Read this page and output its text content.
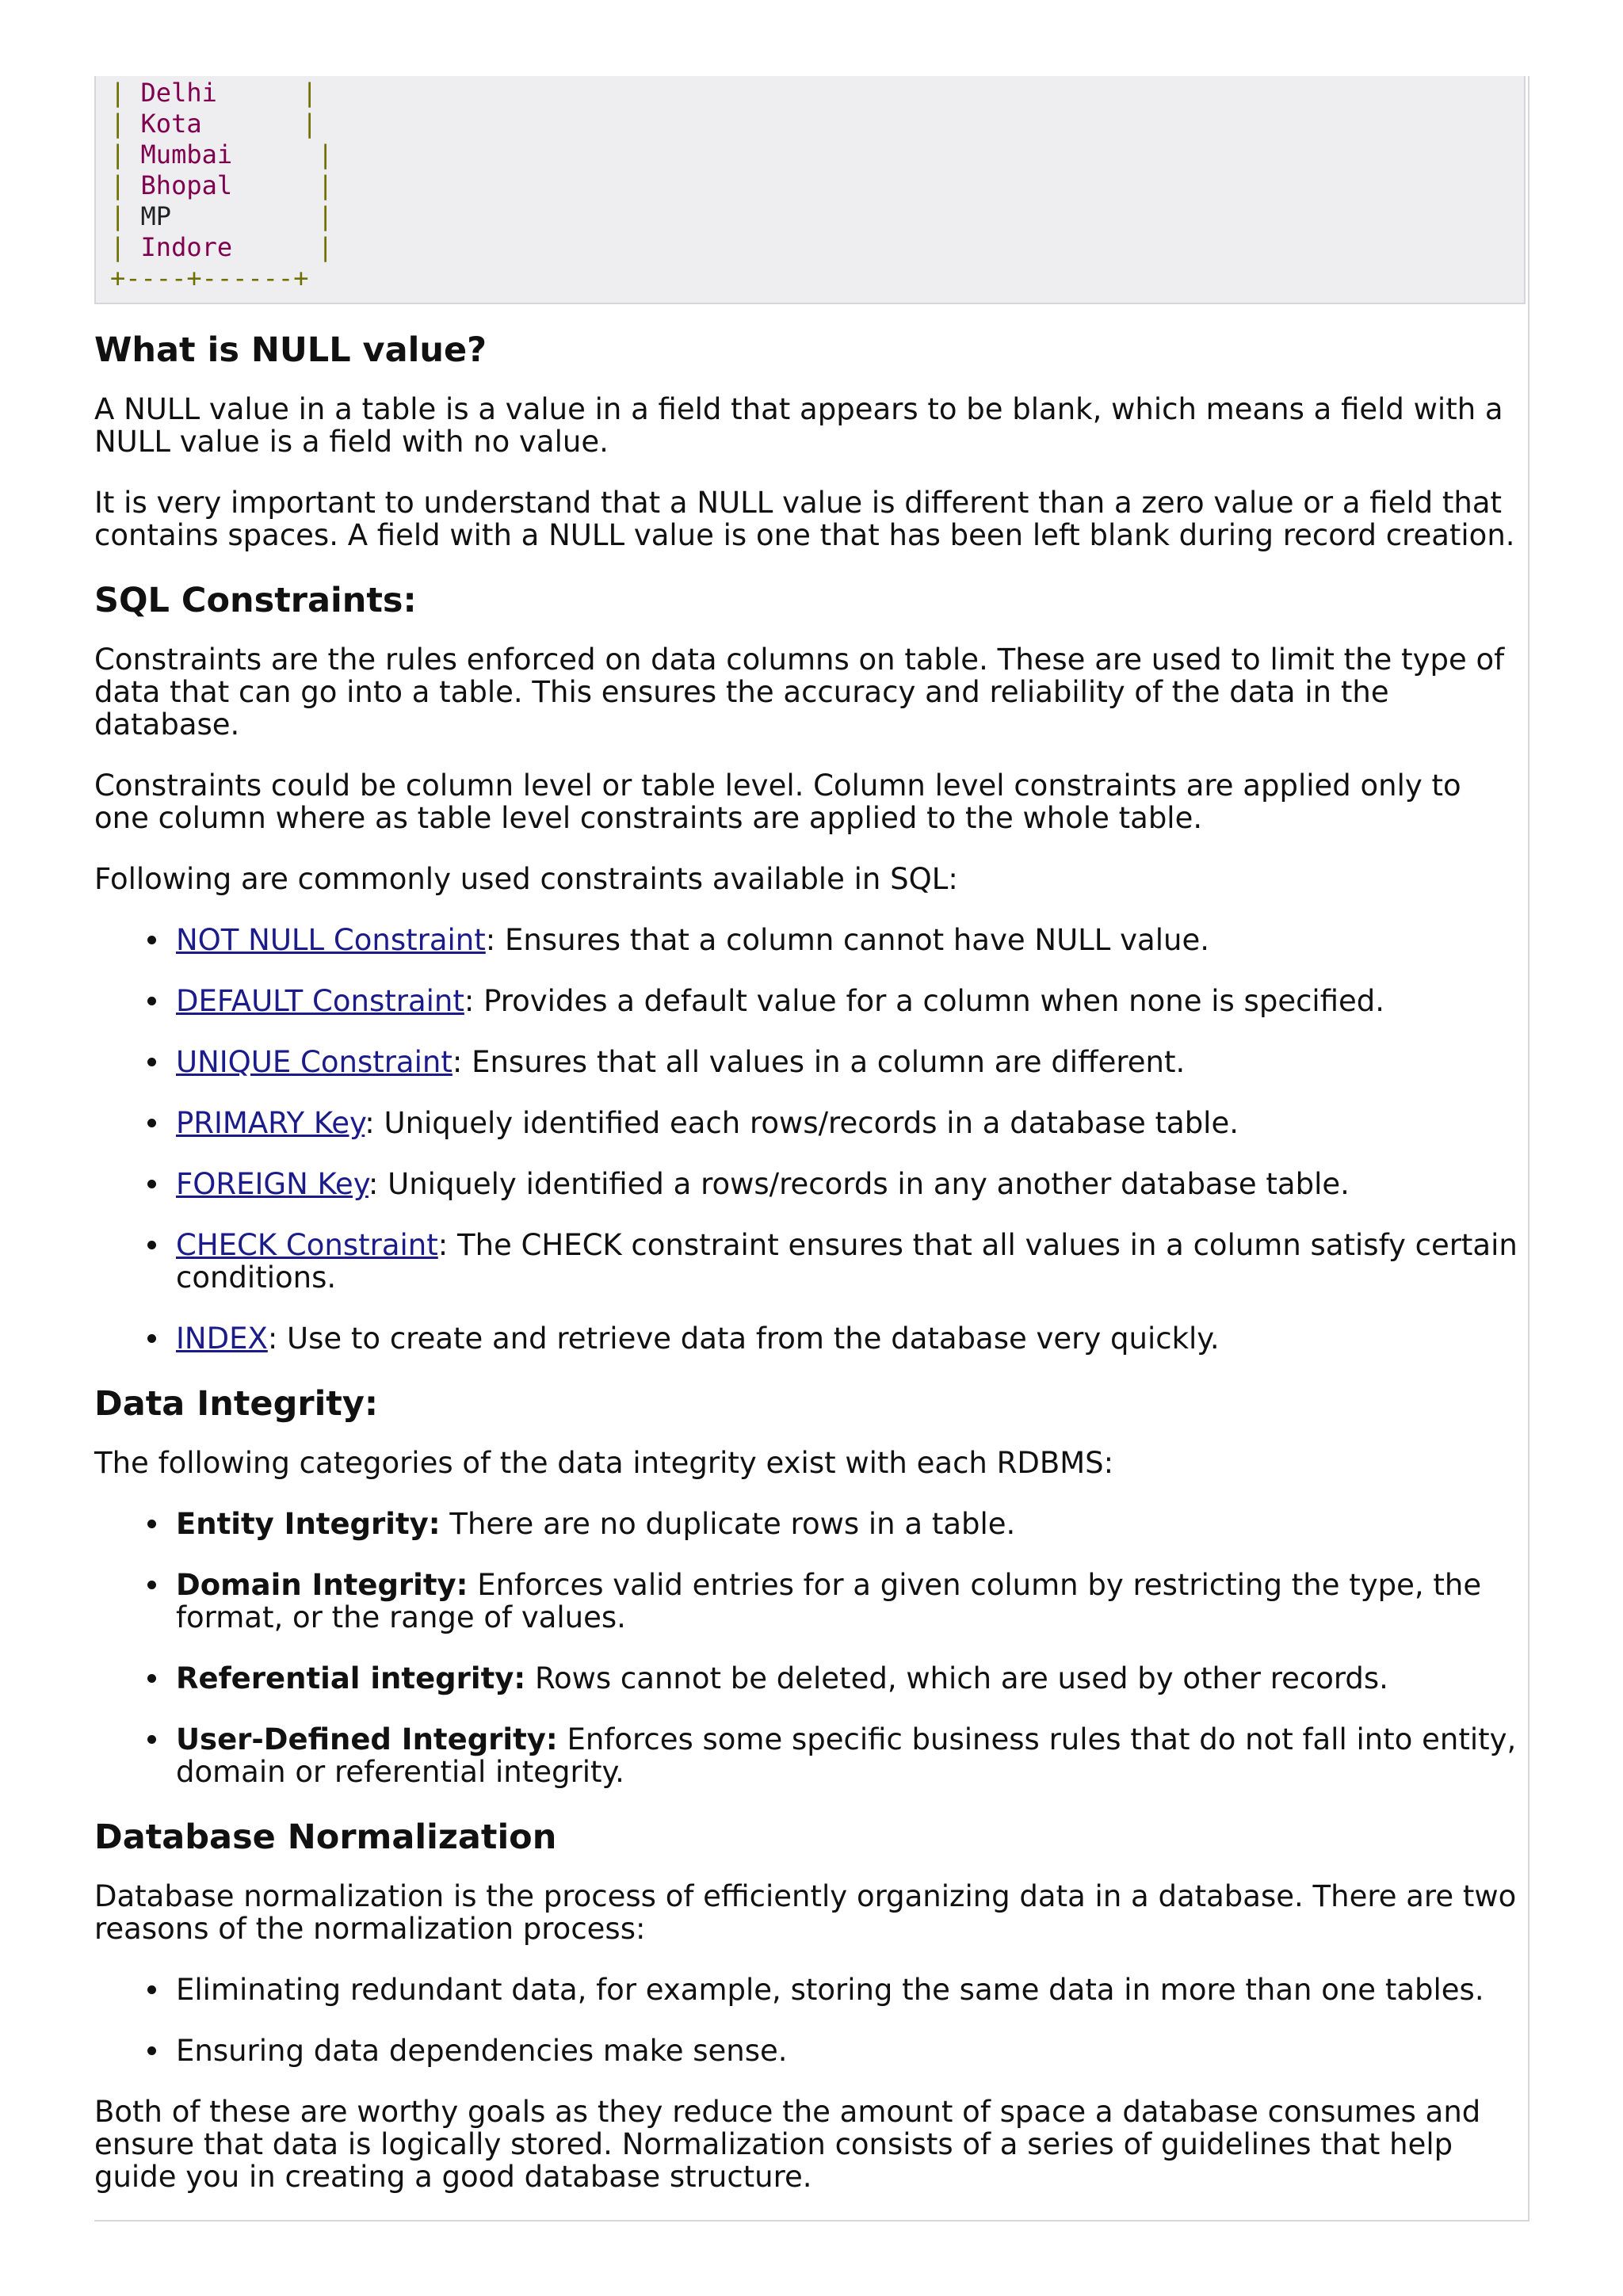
| Delhi	|
| Kota	|
| Mumbai	|
| Bhopal	|
| MP	|
| Indore	|
+----+------+
What is NULL value?

A NULL value in a table is a value in a field that appears to be blank, which means a field with a NULL value is a field with no value.

It is very important to understand that a NULL value is different than a zero value or a field that contains spaces. A field with a NULL value is one that has been left blank during record creation.

SQL Constraints:

Constraints are the rules enforced on data columns on table. These are used to limit the type of data that can go into a table. This ensures the accuracy and reliability of the data in the database.

Constraints could be column level or table level. Column level constraints are applied only to one column where as table level constraints are applied to the whole table.

Following are commonly used constraints available in SQL:

NOT NULL Constraint: Ensures that a column cannot have NULL value.
DEFAULT Constraint: Provides a default value for a column when none is specified.
UNIQUE Constraint: Ensures that all values in a column are different.
PRIMARY Key: Uniquely identified each rows/records in a database table.
FOREIGN Key: Uniquely identified a rows/records in any another database table.
CHECK Constraint: The CHECK constraint ensures that all values in a column satisfy certain conditions.
INDEX: Use to create and retrieve data from the database very quickly.
Data Integrity:

The following categories of the data integrity exist with each RDBMS:

Entity Integrity: There are no duplicate rows in a table.
Domain Integrity: Enforces valid entries for a given column by restricting the type, the format, or the range of values.
Referential integrity: Rows cannot be deleted, which are used by other records.
User-Defined Integrity: Enforces some specific business rules that do not fall into entity, domain or referential integrity.
Database Normalization

Database normalization is the process of efficiently organizing data in a database. There are two reasons of the normalization process:

Eliminating redundant data, for example, storing the same data in more than one tables.
Ensuring data dependencies make sense.

Both of these are worthy goals as they reduce the amount of space a database consumes and ensure that data is logically stored. Normalization consists of a series of guidelines that help guide you in creating a good database structure.
